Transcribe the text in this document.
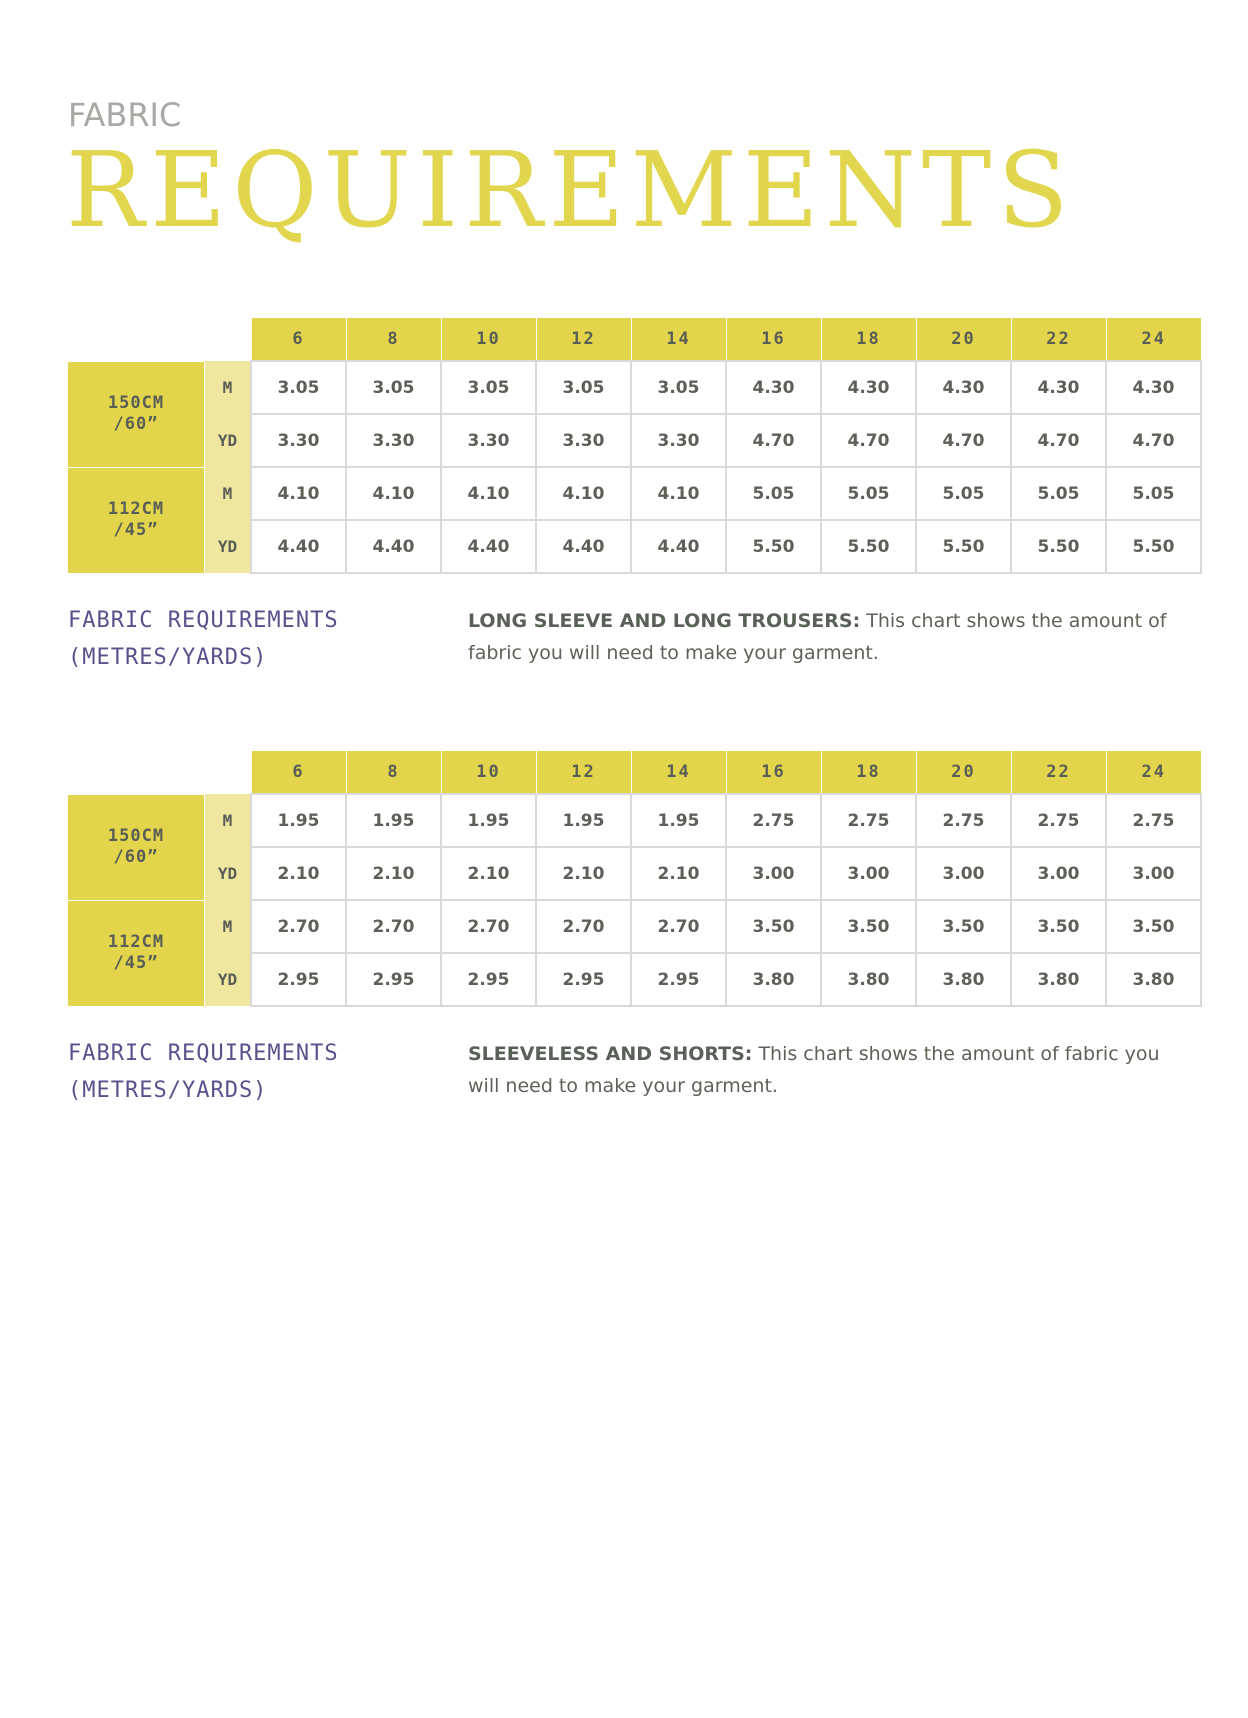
FABRIC
REQUIREMENTS
		6	8	10	12	14	16	18	20	22	24
150CM
/60”	M	3.05	3.05	3.05	3.05	3.05	4.30	4.30	4.30	4.30	4.30
	YD	3.30	3.30	3.30	3.30	3.30	4.70	4.70	4.70	4.70	4.70
112CM
/45”	M	4.10	4.10	4.10	4.10	4.10	5.05	5.05	5.05	5.05	5.05
	YD	4.40	4.40	4.40	4.40	4.40	5.50	5.50	5.50	5.50	5.50
FABRIC REQUIREMENTS
(METRES/YARDS)
LONG SLEEVE AND LONG TROUSERS: This chart shows the amount of fabric you will need to make your garment.
		6	8	10	12	14	16	18	20	22	24
150CM
/60”	M	1.95	1.95	1.95	1.95	1.95	2.75	2.75	2.75	2.75	2.75
	YD	2.10	2.10	2.10	2.10	2.10	3.00	3.00	3.00	3.00	3.00
112CM
/45”	M	2.70	2.70	2.70	2.70	2.70	3.50	3.50	3.50	3.50	3.50
	YD	2.95	2.95	2.95	2.95	2.95	3.80	3.80	3.80	3.80	3.80
FABRIC REQUIREMENTS
(METRES/YARDS)
SLEEVELESS AND SHORTS: This chart shows the amount of fabric you will need to make your garment.
